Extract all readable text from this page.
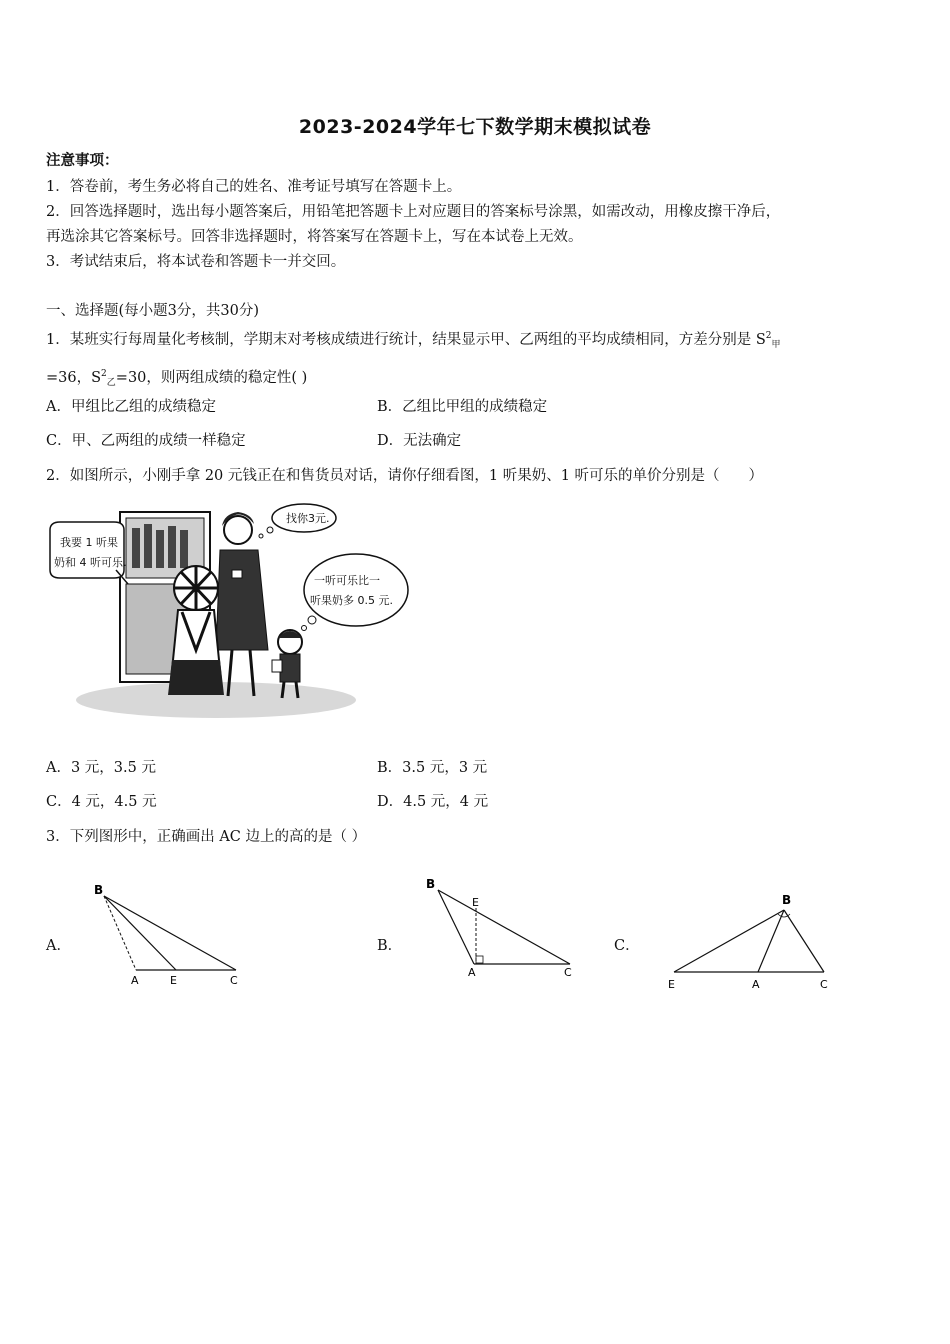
2023-2024学年七下数学期末模拟试卷
注意事项：
1．答卷前，考生务必将自己的姓名、准考证号填写在答题卡上。
2．回答选择题时，选出每小题答案后，用铅笔把答题卡上对应题目的答案标号涂黑，如需改动，用橡皮擦干净后，
再选涂其它答案标号。回答非选择题时，将答案写在答题卡上，写在本试卷上无效。
3．考试结束后，将本试卷和答题卡一并交回。
一、选择题(每小题3分，共30分)
1．某班实行每周量化考核制，学期末对考核成绩进行统计，结果显示甲、乙两组的平均成绩相同，方差分别是 $S^2_甲$
=36，$S^2_乙=30$，则两组成绩的稳定性( )
A．甲组比乙组的成绩稳定	B．乙组比甲组的成绩稳定
C．甲、乙两组的成绩一样稳定	D．无法确定
2．如图所示，小刚手拿 20 元钱正在和售货员对话，请你仔细看图，1 听果奶、1 听可乐的单价分别是（　　）
我要 1 听果
奶和 4 听可乐.
找你3元.
一听可乐比一
听果奶多 0.5 元.
A．3 元，3.5 元	B．3.5 元，3 元
C．4 元，4.5 元	D．4.5 元，4 元
3．下列图形中，正确画出 AC 边上的高的是（ ）
A．	B．	C．
B
A	E	C
B
E
A	C
B
E	A	C
